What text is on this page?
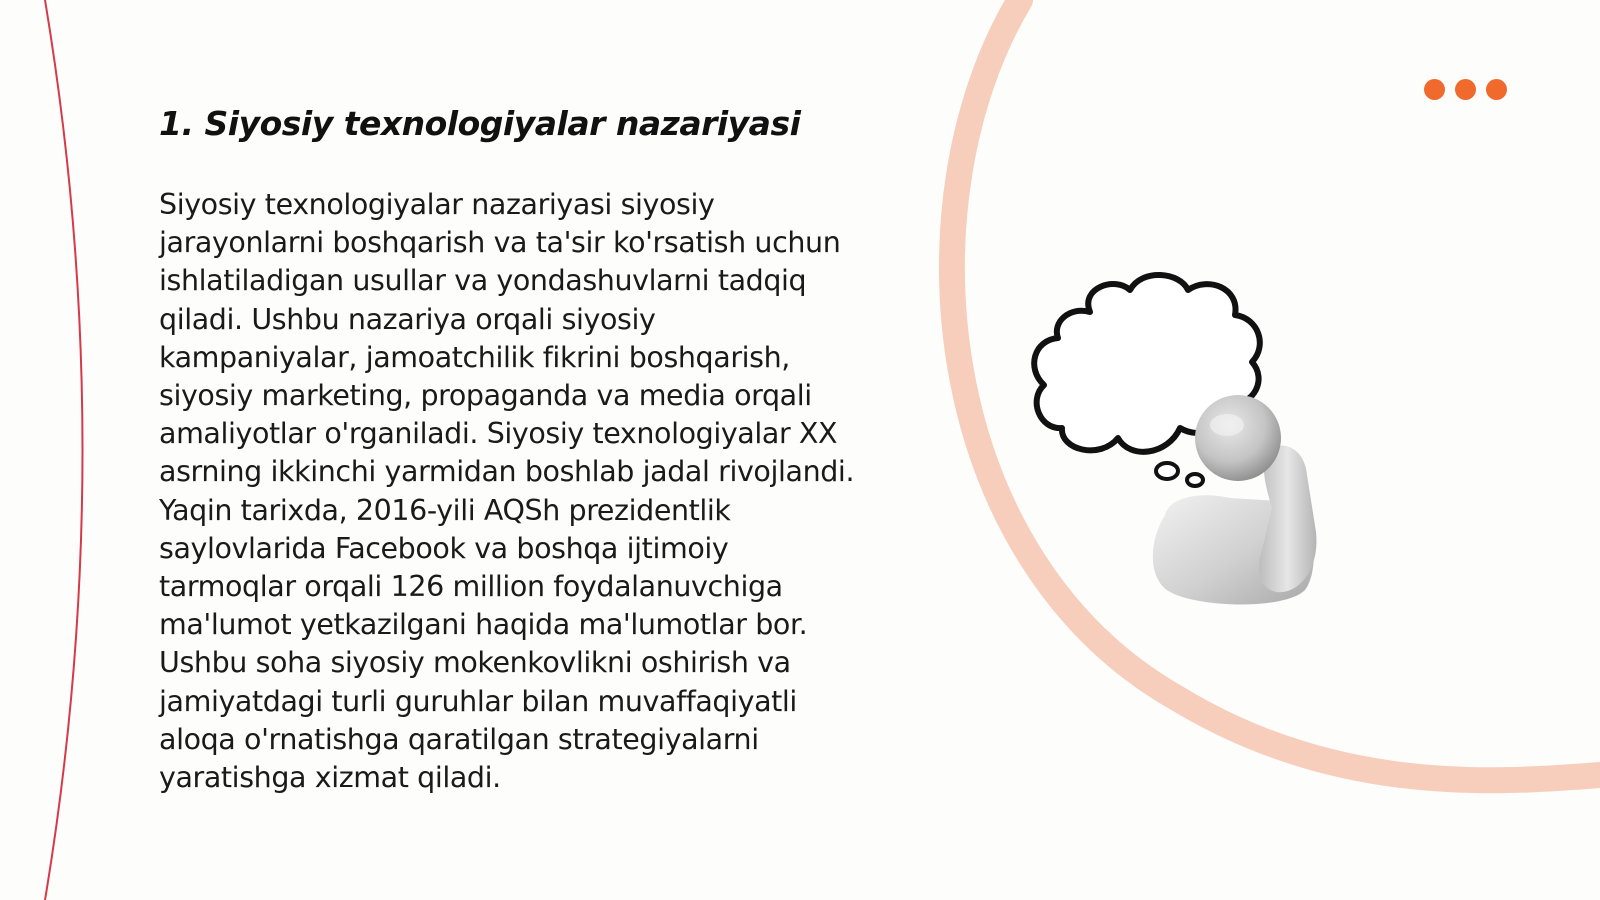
1. Siyosiy texnologiyalar nazariyasi

Siyosiy texnologiyalar nazariyasi siyosiy jarayonlarni boshqarish va ta'sir ko'rsatish uchun ishlatiladigan usullar va yondashuvlarni tadqiq qiladi. Ushbu nazariya orqali siyosiy kampaniyalar, jamoatchilik fikrini boshqarish, siyosiy marketing, propaganda va media orqali amaliyotlar o'rganiladi. Siyosiy texnologiyalar XX asrning ikkinchi yarmidan boshlab jadal rivojlandi. Yaqin tarixda, 2016-yili AQSh prezidentlik saylovlarida Facebook va boshqa ijtimoiy tarmoqlar orqali 126 million foydalanuvchiga ma'lumot yetkazilgani haqida ma'lumotlar bor. Ushbu soha siyosiy mokenkovlikni oshirish va jamiyatdagi turli guruhlar bilan muvaffaqiyatli aloqa o'rnatishga qaratilgan strategiyalarni yaratishga xizmat qiladi.
